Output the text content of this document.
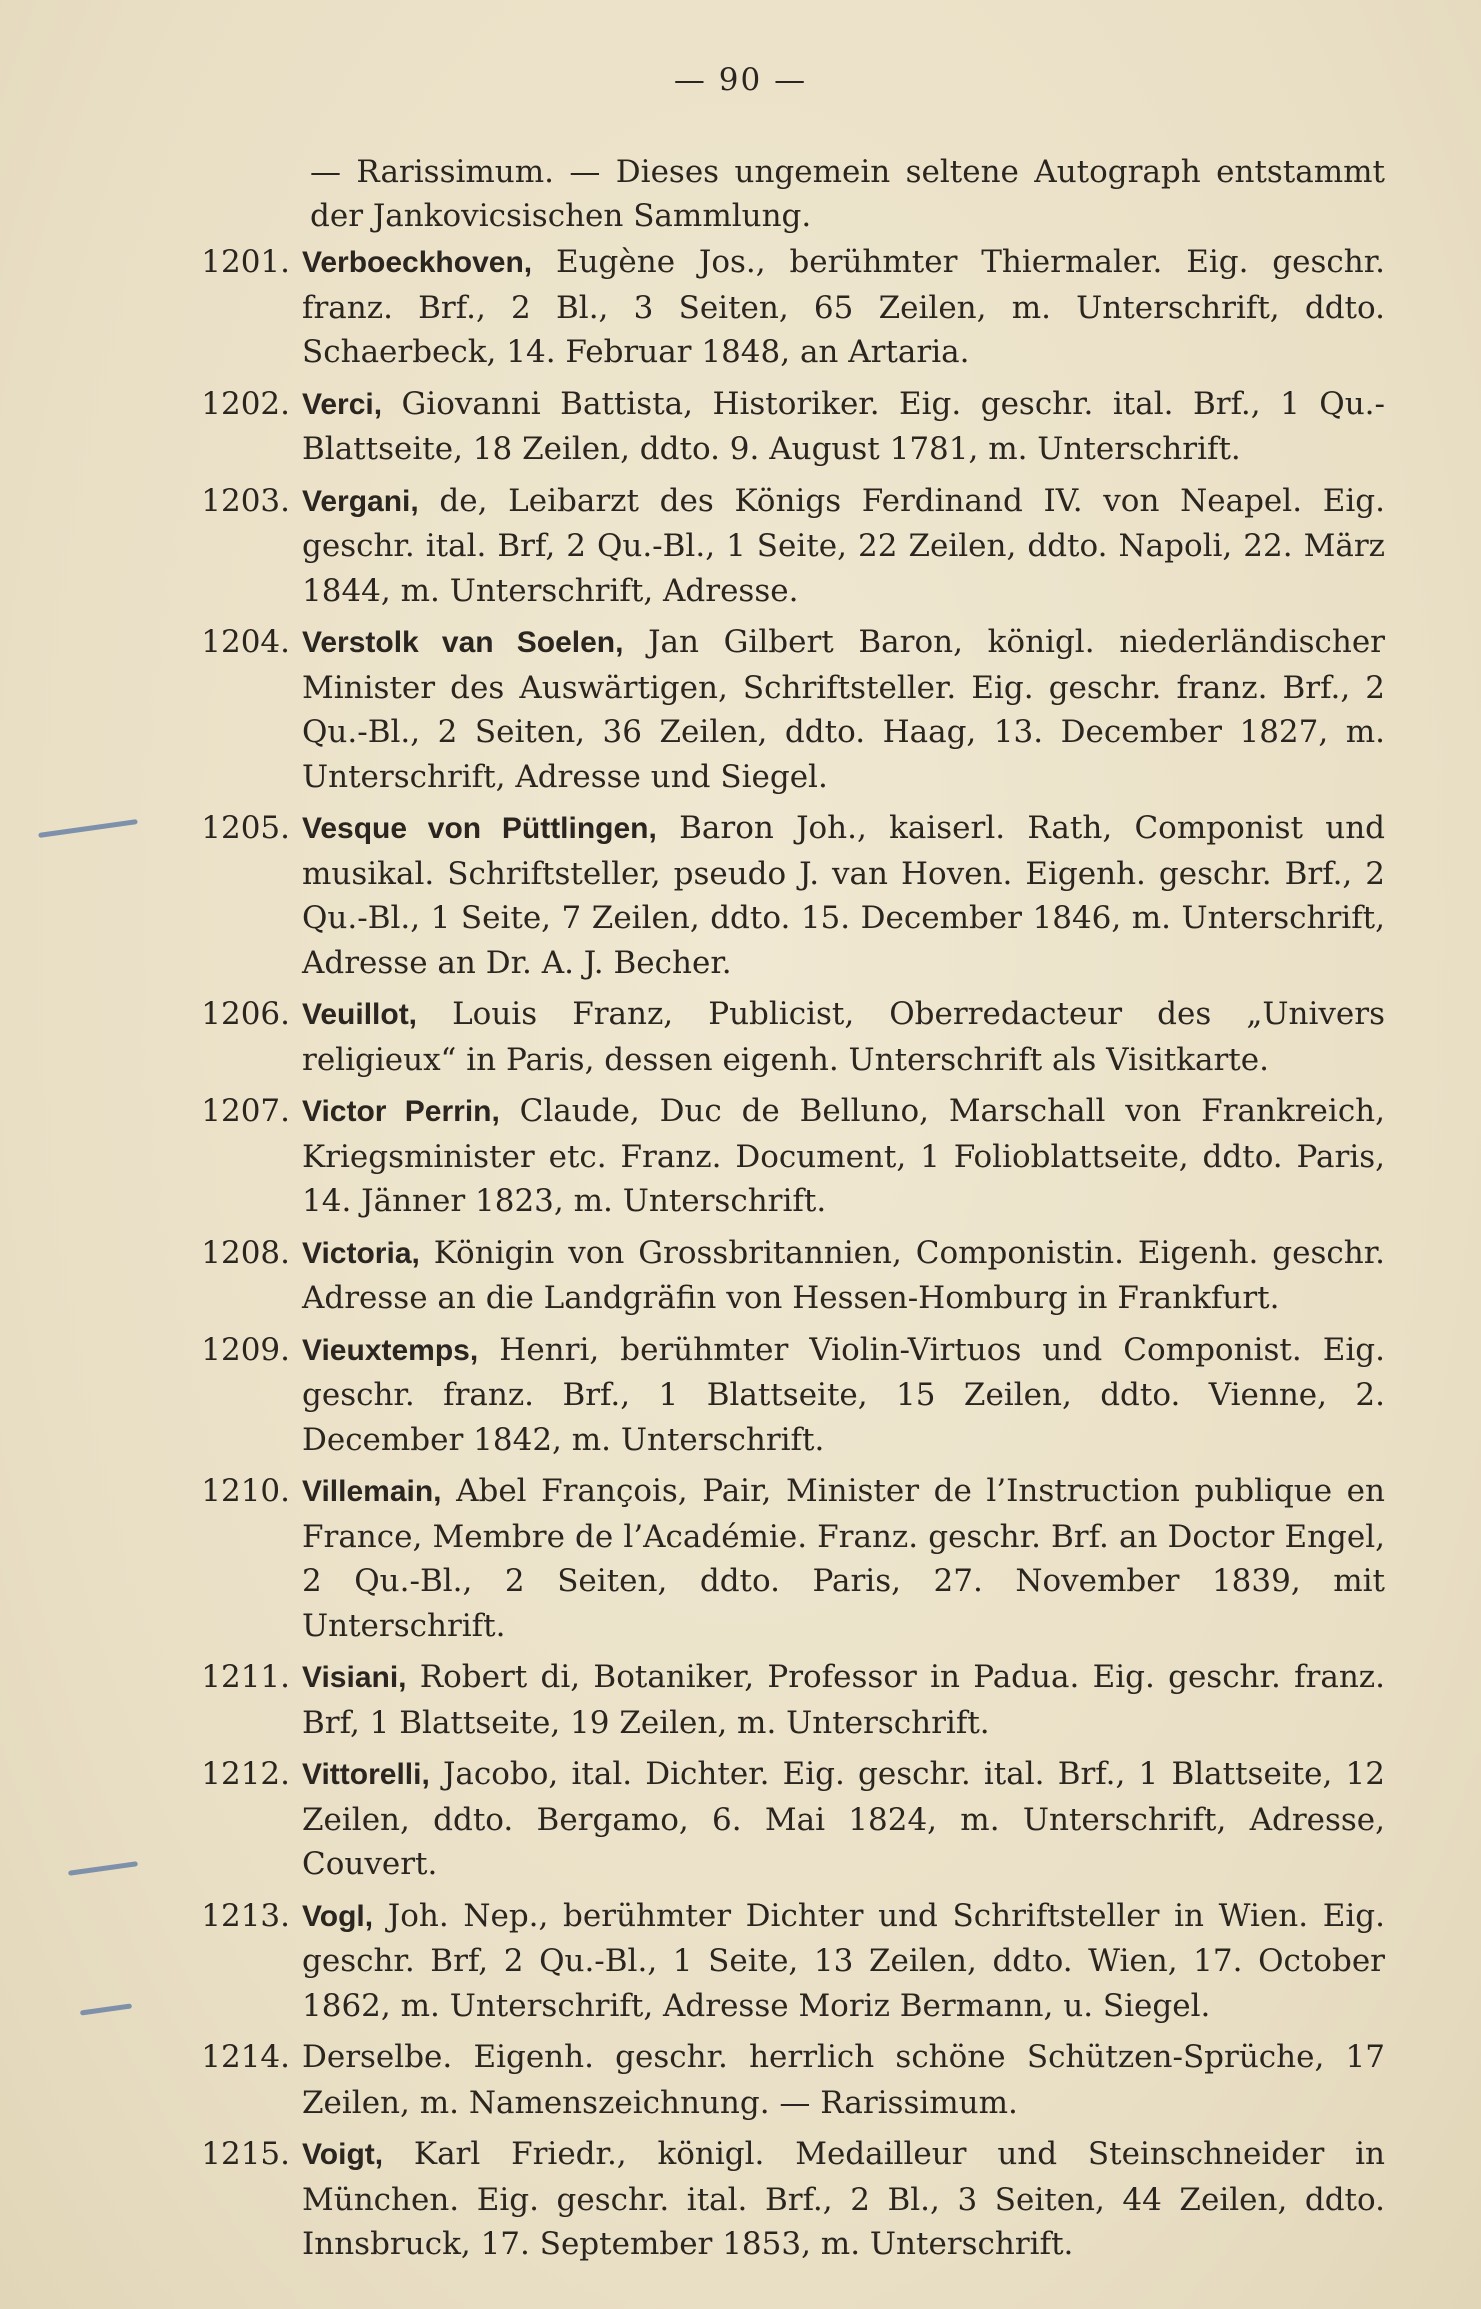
— 90 —
— Rarissimum. — Dieses ungemein seltene Autograph entstammt der Jankovicsischen Sammlung.
1201. Verboeckhoven, Eugène Jos., berühmter Thiermaler. Eig. geschr. franz. Brf., 2 Bl., 3 Seiten, 65 Zeilen, m. Unterschrift, ddto. Schaerbeck, 14. Februar 1848, an Artaria.
1202. Verci, Giovanni Battista, Historiker. Eig. geschr. ital. Brf., 1 Qu.-Blattseite, 18 Zeilen, ddto. 9. August 1781, m. Unterschrift.
1203. Vergani, de, Leibarzt des Königs Ferdinand IV. von Neapel. Eig. geschr. ital. Brf, 2 Qu.-Bl., 1 Seite, 22 Zeilen, ddto. Napoli, 22. März 1844, m. Unterschrift, Adresse.
1204. Verstolk van Soelen, Jan Gilbert Baron, königl. niederländischer Minister des Auswärtigen, Schriftsteller. Eig. geschr. franz. Brf., 2 Qu.-Bl., 2 Seiten, 36 Zeilen, ddto. Haag, 13. December 1827, m. Unterschrift, Adresse und Siegel.
1205. Vesque von Püttlingen, Baron Joh., kaiserl. Rath, Componist und musikal. Schriftsteller, pseudo J. van Hoven. Eigenh. geschr. Brf., 2 Qu.-Bl., 1 Seite, 7 Zeilen, ddto. 15. December 1846, m. Unterschrift, Adresse an Dr. A. J. Becher.
1206. Veuillot, Louis Franz, Publicist, Oberredacteur des „Univers religieux“ in Paris, dessen eigenh. Unterschrift als Visitkarte.
1207. Victor Perrin, Claude, Duc de Belluno, Marschall von Frankreich, Kriegsminister etc. Franz. Document, 1 Folioblattseite, ddto. Paris, 14. Jänner 1823, m. Unterschrift.
1208. Victoria, Königin von Grossbritannien, Componistin. Eigenh. geschr. Adresse an die Landgräfin von Hessen-Homburg in Frankfurt.
1209. Vieuxtemps, Henri, berühmter Violin-Virtuos und Componist. Eig. geschr. franz. Brf., 1 Blattseite, 15 Zeilen, ddto. Vienne, 2. December 1842, m. Unterschrift.
1210. Villemain, Abel François, Pair, Minister de l’Instruction publique en France, Membre de l’Académie. Franz. geschr. Brf. an Doctor Engel, 2 Qu.-Bl., 2 Seiten, ddto. Paris, 27. November 1839, mit Unterschrift.
1211. Visiani, Robert di, Botaniker, Professor in Padua. Eig. geschr. franz. Brf, 1 Blattseite, 19 Zeilen, m. Unterschrift.
1212. Vittorelli, Jacobo, ital. Dichter. Eig. geschr. ital. Brf., 1 Blattseite, 12 Zeilen, ddto. Bergamo, 6. Mai 1824, m. Unterschrift, Adresse, Couvert.
1213. Vogl, Joh. Nep., berühmter Dichter und Schriftsteller in Wien. Eig. geschr. Brf, 2 Qu.-Bl., 1 Seite, 13 Zeilen, ddto. Wien, 17. October 1862, m. Unterschrift, Adresse Moriz Bermann, u. Siegel.
1214. Derselbe. Eigenh. geschr. herrlich schöne Schützen-Sprüche, 17 Zeilen, m. Namenszeichnung. — Rarissimum.
1215. Voigt, Karl Friedr., königl. Medailleur und Steinschneider in München. Eig. geschr. ital. Brf., 2 Bl., 3 Seiten, 44 Zeilen, ddto. Innsbruck, 17. September 1853, m. Unterschrift.
